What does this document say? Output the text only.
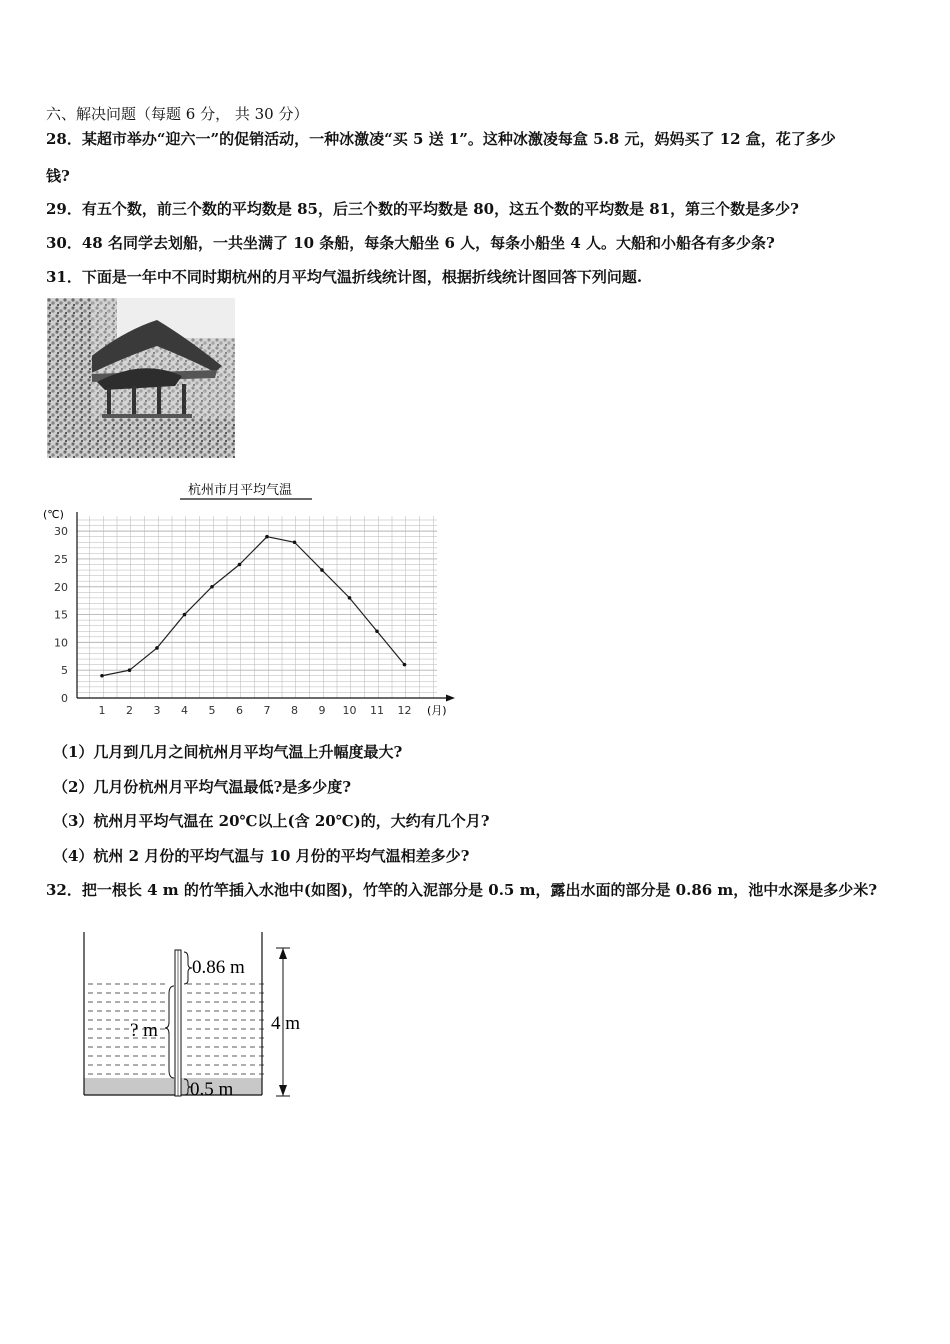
六、解决问题（每题 6 分， 共 30 分）
28．某超市举办“迎六一”的促销活动，一种冰激凌“买 5 送 1”。这种冰激凌每盒 5.8 元，妈妈买了 12 盒，花了多少
钱?
29．有五个数，前三个数的平均数是 85，后三个数的平均数是 80，这五个数的平均数是 81，第三个数是多少?
30．48 名同学去划船，一共坐满了 10 条船，每条大船坐 6 人，每条小船坐 4 人。大船和小船各有多少条?
31．下面是一年中不同时期杭州的月平均气温折线统计图，根据折线统计图回答下列问题.
0
5
10
15
20
25
30
1 2 3 4 5 6 7 8 9 10 11 12
杭州市月平均气温
(℃)
(月)
（1）几月到几月之间杭州月平均气温上升幅度最大?
（2）几月份杭州月平均气温最低?是多少度?
（3）杭州月平均气温在 20℃以上(含 20℃)的，大约有几个月?
（4）杭州 2 月份的平均气温与 10 月份的平均气温相差多少?
32．把一根长 4 m 的竹竿插入水池中(如图)，竹竿的入泥部分是 0.5 m，露出水面的部分是 0.86 m，池中水深是多少米?
0.86 m
? m
0.5 m
4 m
